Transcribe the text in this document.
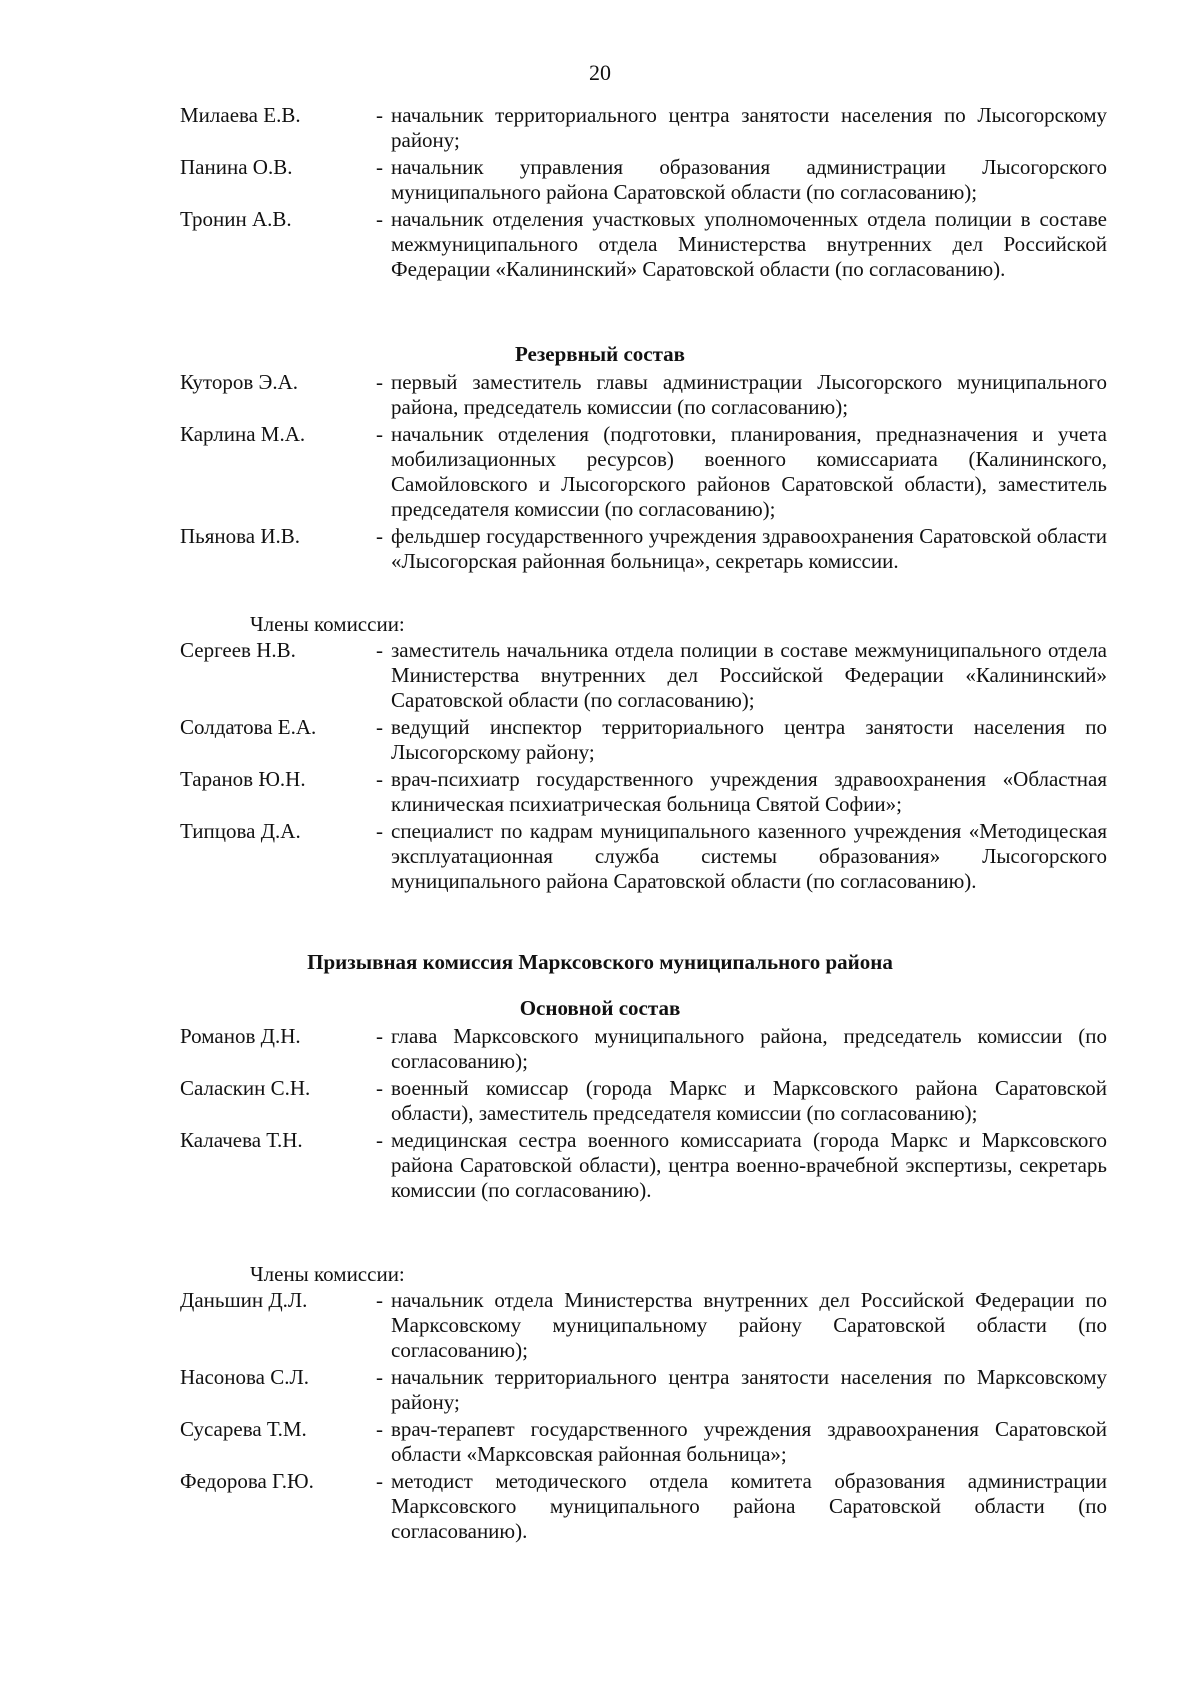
20
Милаева Е.В.	- начальник территориального центра занятости населения по Лысогорскому району;
Панина О.В.	- начальник управления образования администрации Лысогорского муниципального района Саратовской области (по согласованию);
Тронин А.В.	- начальник отделения участковых уполномоченных отдела полиции в составе межмуниципального отдела Министерства внутренних дел Российской Федерации «Калининский» Саратовской области (по согласованию).
Резервный состав
Куторов Э.А.	- первый заместитель главы администрации Лысогорского муниципального района, председатель комиссии (по согласованию);
Карлина М.А.	- начальник отделения (подготовки, планирования, предназначения и учета мобилизационных ресурсов) военного комиссариата (Калининского, Самойловского и Лысогорского районов Саратовской области), заместитель председателя комиссии (по согласованию);
Пьянова И.В.	- фельдшер государственного учреждения здравоохранения Саратовской области «Лысогорская районная больница», секретарь комиссии.
Члены комиссии:
Сергеев Н.В.	- заместитель начальника отдела полиции в составе межмуниципального отдела Министерства внутренних дел Российской Федерации «Калининский» Саратовской области (по согласованию);
Солдатова Е.А.	- ведущий инспектор территориального центра занятости населения по Лысогорскому району;
Таранов Ю.Н.	- врач-психиатр государственного учреждения здравоохранения «Областная клиническая психиатрическая больница Святой Софии»;
Типцова Д.А.	- специалист по кадрам муниципального казенного учреждения «Методицеская эксплуатационная служба системы образования» Лысогорского муниципального района Саратовской области (по согласованию).
Призывная комиссия Марксовского муниципального района
Основной состав
Романов Д.Н.	- глава Марксовского муниципального района, председатель комиссии (по согласованию);
Саласкин С.Н.	- военный комиссар (города Маркс и Марксовского района Саратовской области), заместитель председателя комиссии (по согласованию);
Калачева Т.Н.	- медицинская сестра военного комиссариата (города Маркс и Марксовского района Саратовской области), центра военно-врачебной экспертизы, секретарь комиссии (по согласованию).
Члены комиссии:
Даньшин Д.Л.	- начальник отдела Министерства внутренних дел Российской Федерации по Марксовскому муниципальному району Саратовской области (по согласованию);
Насонова С.Л.	- начальник территориального центра занятости населения по Марксовскому району;
Сусарева Т.М.	- врач-терапевт государственного учреждения здравоохранения Саратовской области «Марксовская районная больница»;
Федорова Г.Ю.	- методист методического отдела комитета образования администрации Марксовского муниципального района Саратовской области (по согласованию).
